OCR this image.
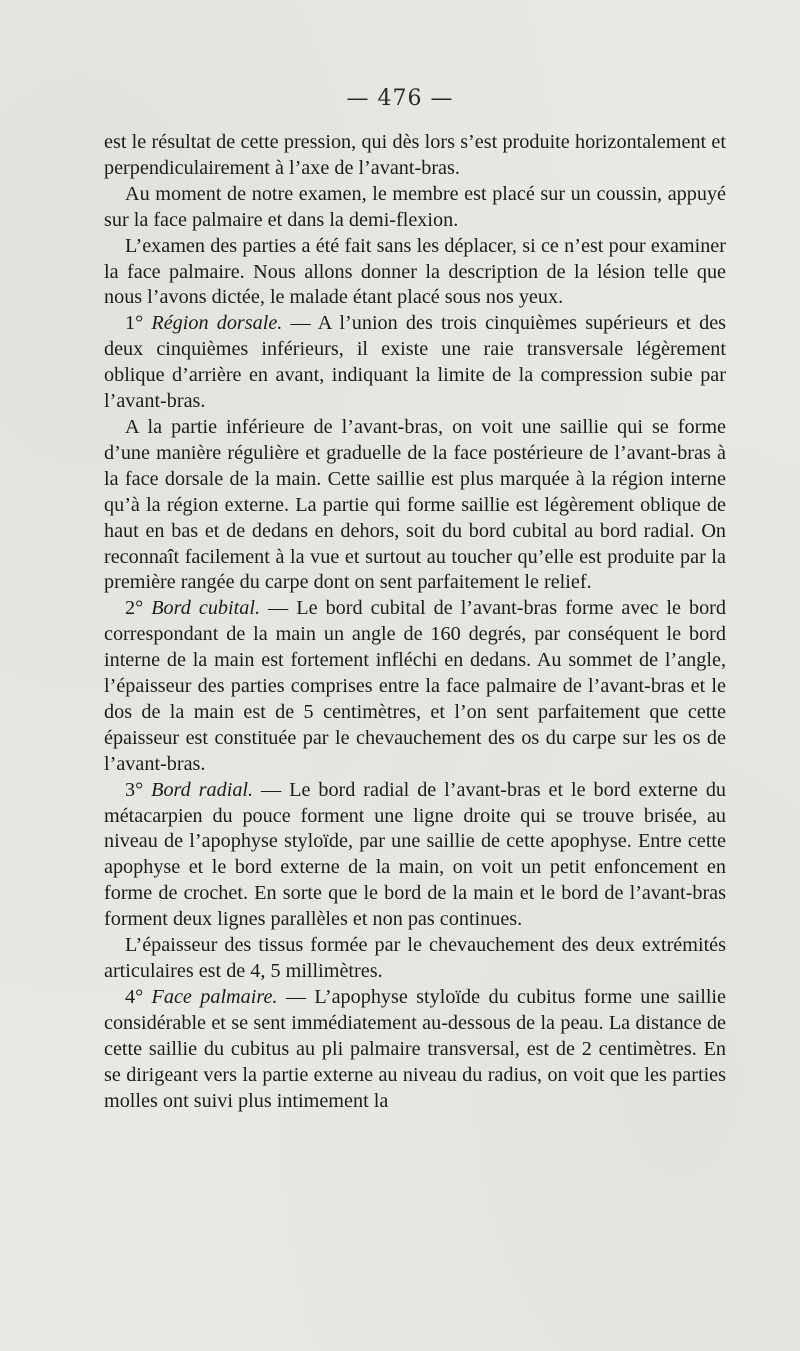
— 476 —

est le résultat de cette pression, qui dès lors s’est produite horizontalement et perpendiculairement à l’axe de l’avant-bras.

Au moment de notre examen, le membre est placé sur un coussin, appuyé sur la face palmaire et dans la demi-flexion.

L’examen des parties a été fait sans les déplacer, si ce n’est pour examiner la face palmaire. Nous allons donner la description de la lésion telle que nous l’avons dictée, le malade étant placé sous nos yeux.

1° Région dorsale. — A l’union des trois cinquièmes supérieurs et des deux cinquièmes inférieurs, il existe une raie transversale légèrement oblique d’arrière en avant, indiquant la limite de la compression subie par l’avant-bras.

A la partie inférieure de l’avant-bras, on voit une saillie qui se forme d’une manière régulière et graduelle de la face postérieure de l’avant-bras à la face dorsale de la main. Cette saillie est plus marquée à la région interne qu’à la région externe. La partie qui forme saillie est légèrement oblique de haut en bas et de dedans en dehors, soit du bord cubital au bord radial. On reconnaît facilement à la vue et surtout au toucher qu’elle est produite par la première rangée du carpe dont on sent parfaitement le relief.

2° Bord cubital. — Le bord cubital de l’avant-bras forme avec le bord correspondant de la main un angle de 160 degrés, par conséquent le bord interne de la main est fortement infléchi en dedans. Au sommet de l’angle, l’épaisseur des parties comprises entre la face palmaire de l’avant-bras et le dos de la main est de 5 centimètres, et l’on sent parfaitement que cette épaisseur est constituée par le chevauchement des os du carpe sur les os de l’avant-bras.

3° Bord radial. — Le bord radial de l’avant-bras et le bord externe du métacarpien du pouce forment une ligne droite qui se trouve brisée, au niveau de l’apophyse styloïde, par une saillie de cette apophyse. Entre cette apophyse et le bord externe de la main, on voit un petit enfoncement en forme de crochet. En sorte que le bord de la main et le bord de l’avant-bras forment deux lignes parallèles et non pas continues.

L’épaisseur des tissus formée par le chevauchement des deux extrémités articulaires est de 4, 5 millimètres.

4° Face palmaire. — L’apophyse styloïde du cubitus forme une saillie considérable et se sent immédiatement au-dessous de la peau. La distance de cette saillie du cubitus au pli palmaire transversal, est de 2 centimètres. En se dirigeant vers la partie externe au niveau du radius, on voit que les parties molles ont suivi plus intimement la
